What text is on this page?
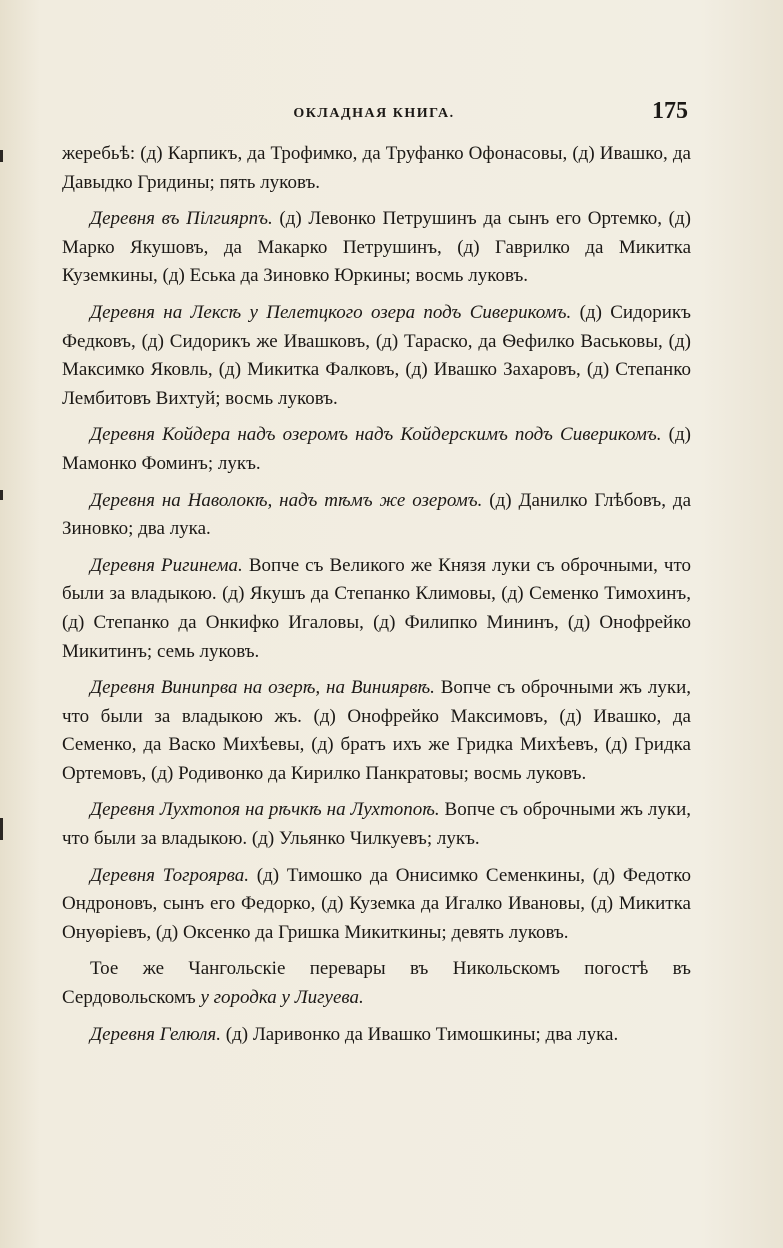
ОКЛАДНАЯ КНИГА.	175

жеребьѣ: (д) Карпикъ, да Трофимко, да Труфанко Офонасовы, (д) Ивашко, да Давыдко Гридины; пять луковъ.

Деревня въ Пілгиярпъ. (д) Левонко Петрушинъ да сынъ его Ортемко, (д) Марко Якушовъ, да Макарко Петрушинъ, (д) Гаврилко да Микитка Куземкины, (д) Еська да Зиновко Юркины; восмь луковъ.

Деревня на Лексѣ у Пелетцкого озера подъ Сиверикомъ. (д) Сидорикъ Федковъ, (д) Сидорикъ же Ивашковъ, (д) Тараско, да Ѳефилко Васьковы, (д) Максимко Яковль, (д) Микитка Фалковъ, (д) Ивашко Захаровъ, (д) Степанко Лембитовъ Вихтуй; восмь луковъ.

Деревня Койдера надъ озеромъ надъ Койдерскимъ подъ Сиверикомъ. (д) Мамонко Фоминъ; лукъ.

Деревня на Наволокѣ, надъ тѣмъ же озеромъ. (д) Данилко Глѣбовъ, да Зиновко; два лука.

Деревня Ригинема. Вопче съ Великого же Князя луки съ оброчными, что были за владыкою. (д) Якушъ да Степанко Климовы, (д) Семенко Тимохинъ, (д) Степанко да Онкифко Игаловы, (д) Филипко Мининъ, (д) Онофрейко Микитинъ; семь луковъ.

Деревня Винипрва на озерѣ, на Виниярвѣ. Вопче съ оброчными жъ луки, что были за владыкою жъ. (д) Онофрейко Максимовъ, (д) Ивашко, да Семенко, да Васко Михѣевы, (д) братъ ихъ же Гридка Михѣевъ, (д) Гридка Ортемовъ, (д) Родивонко да Кирилко Панкратовы; восмь луковъ.

Деревня Лухтопоя на рѣчкѣ на Лухтопоѣ. Вопче съ оброчными жъ луки, что были за владыкою. (д) Ульянко Чилкуевъ; лукъ.

Деревня Тогроярва. (д) Тимошко да Онисимко Семенкины, (д) Федотко Ондроновъ, сынъ его Федорко, (д) Куземка да Игалко Ивановы, (д) Микитка Онуѳріевъ, (д) Оксенко да Гришка Микиткины; девять луковъ.

Тое же Чангольскіе перевары въ Никольскомъ погостѣ въ Сердовольскомъ у городка у Лигуева.

Деревня Гелюля. (д) Ларивонко да Ивашко Тимошкины; два лука.
